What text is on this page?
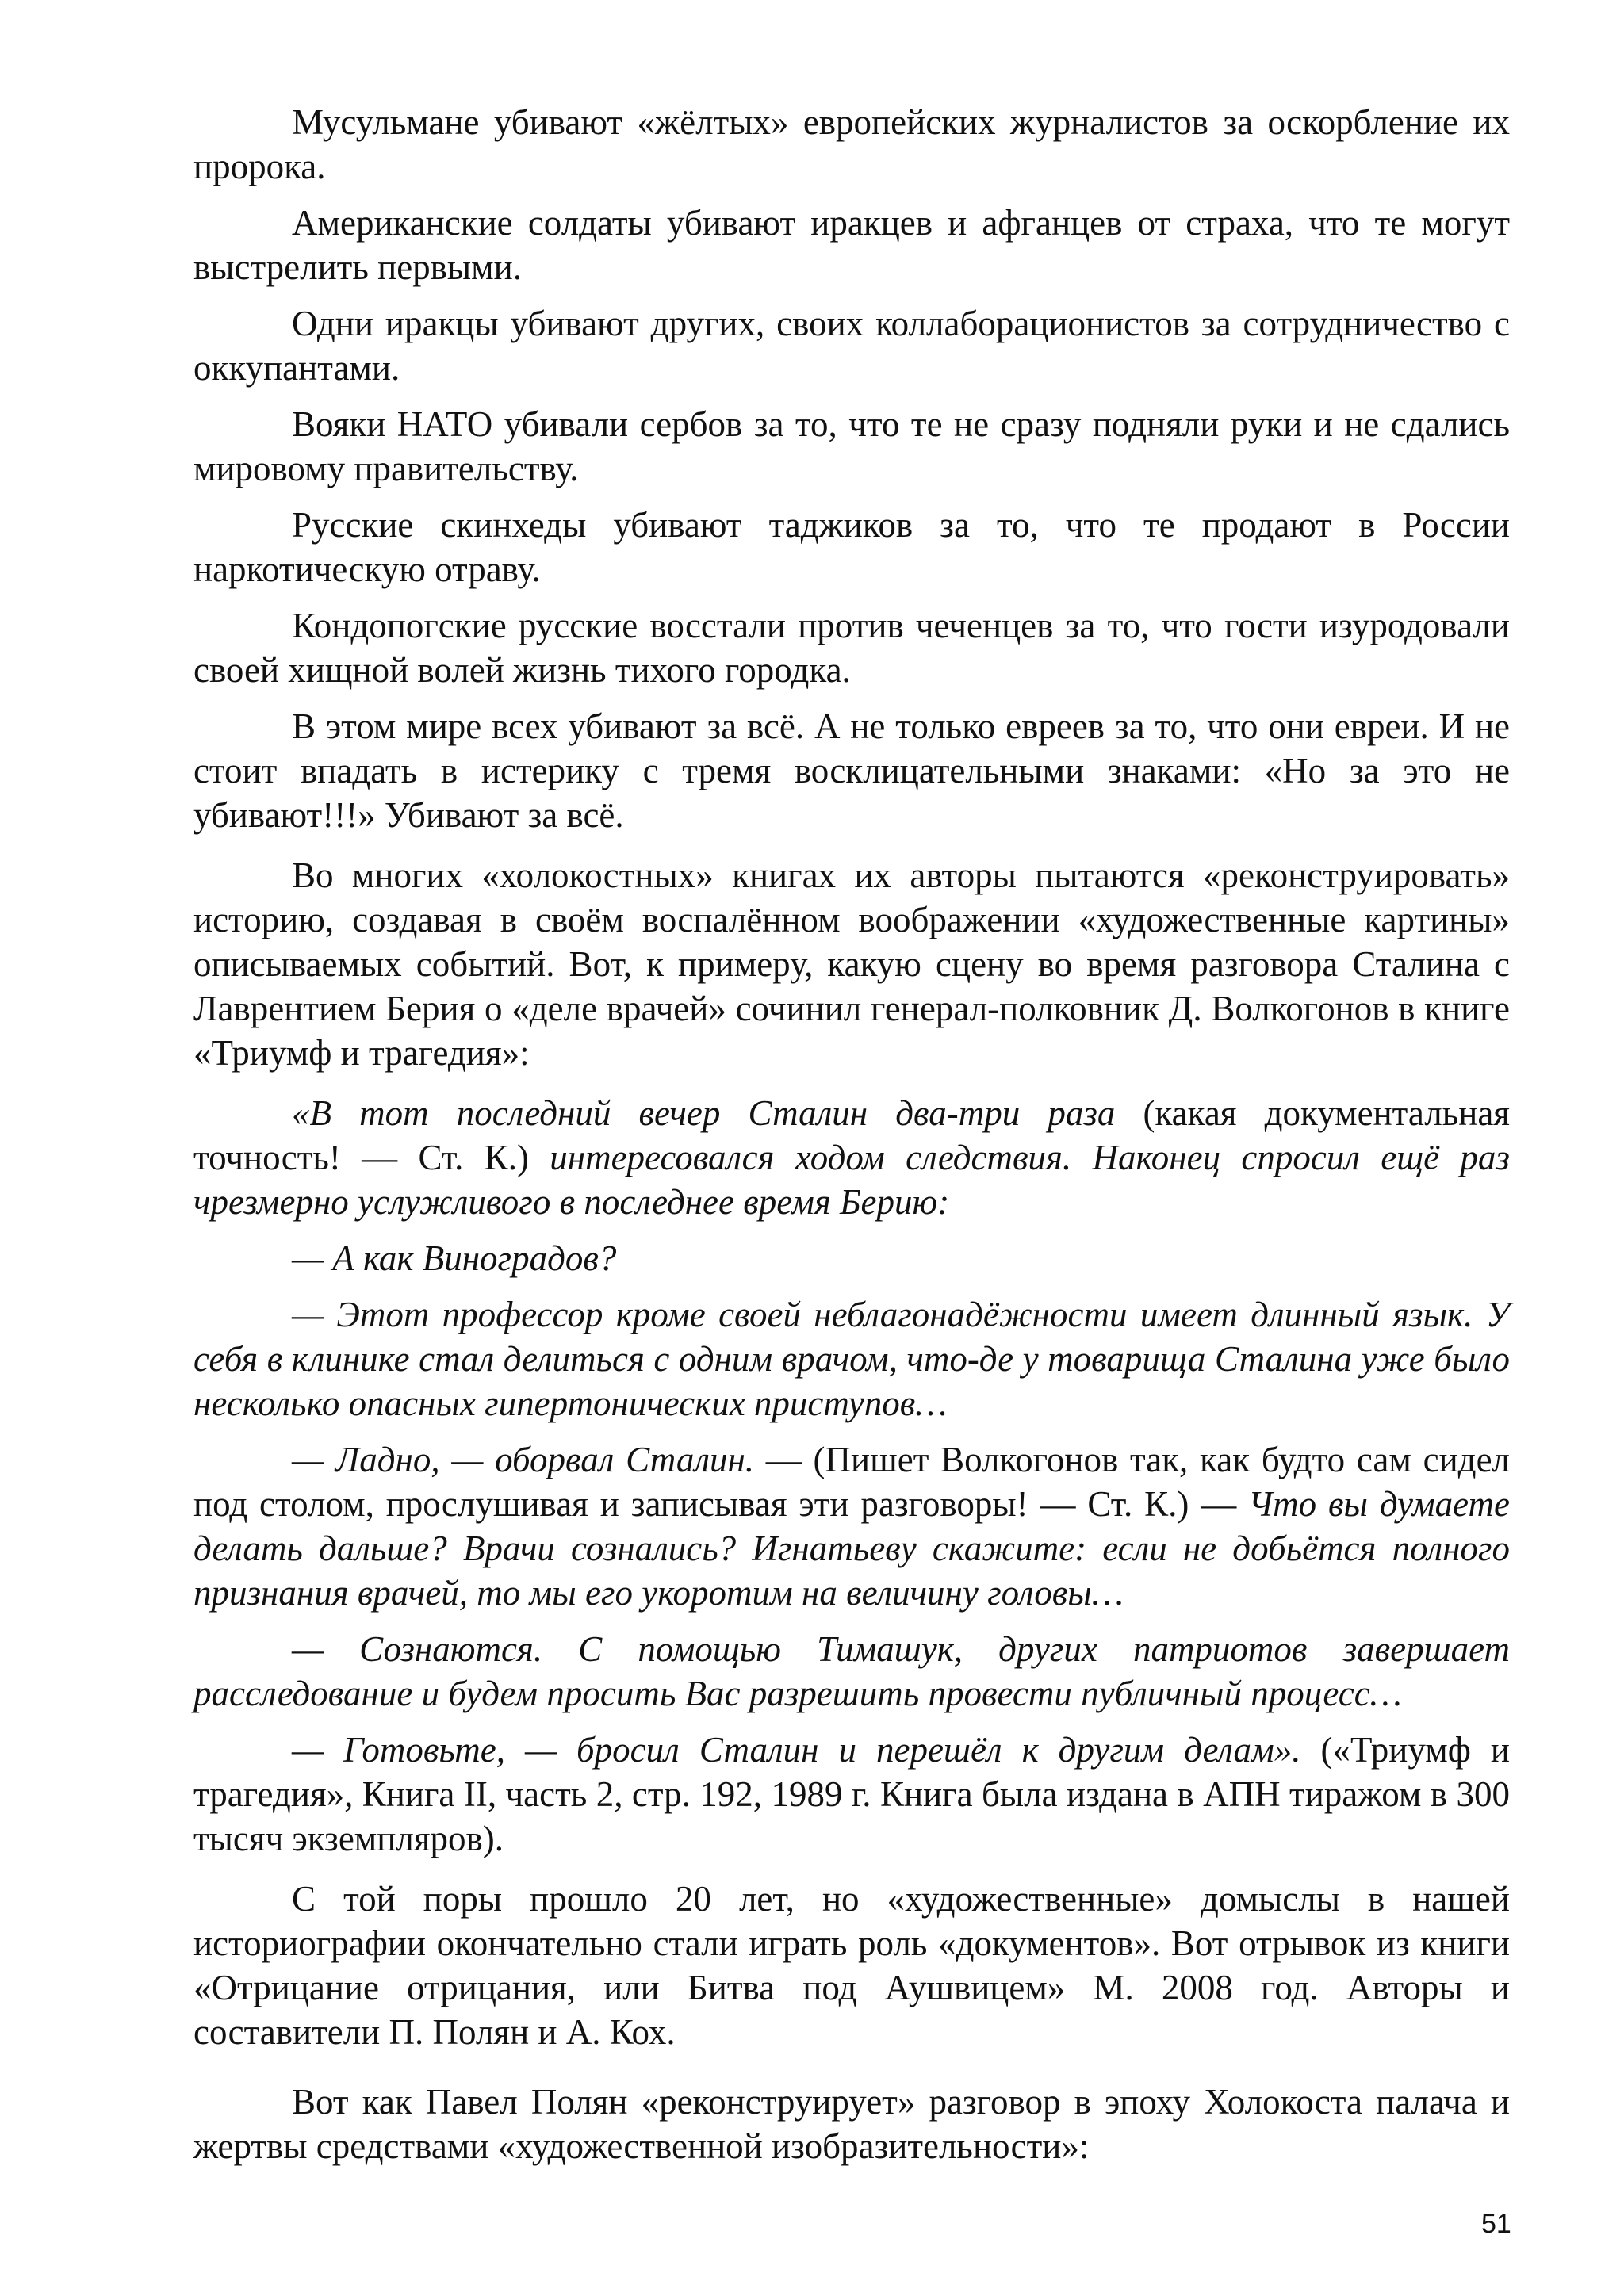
Мусульмане убивают «жёлтых» европейских журналистов за оскорбление их пророка.

Американские солдаты убивают иракцев и афганцев от страха, что те могут выстрелить первыми.

Одни иракцы убивают других, своих коллаборационистов за сотрудничество с оккупантами.

Вояки НАТО убивали сербов за то, что те не сразу подняли руки и не сдались мировому правительству.

Русские скинхеды убивают таджиков за то, что те продают в России наркотическую отраву.

Кондопогские русские восстали против чеченцев за то, что гости изуродовали своей хищной волей жизнь тихого городка.

В этом мире всех убивают за всё. А не только евреев за то, что они евреи. И не стоит впадать в истерику с тремя восклицательными знаками: «Но за это не убивают!!!» Убивают за всё.

Во многих «холокостных» книгах их авторы пытаются «реконструировать» историю, создавая в своём воспалённом воображении «художественные картины» описываемых событий. Вот, к примеру, какую сцену во время разговора Сталина с Лаврентием Берия о «деле врачей» сочинил генерал-полковник Д. Волкогонов в книге «Триумф и трагедия»:

«В тот последний вечер Сталин два-три раза (какая документальная точность! — Ст. К.) интересовался ходом следствия. Наконец спросил ещё раз чрезмерно услужливого в последнее время Берию:

— А как Виноградов?

— Этот профессор кроме своей неблагонадёжности имеет длинный язык. У себя в клинике стал делиться с одним врачом, что-де у товарища Сталина уже было несколько опасных гипертонических приступов…

— Ладно, — оборвал Сталин. — (Пишет Волкогонов так, как будто сам сидел под столом, прослушивая и записывая эти разговоры! — Ст. К.) — Что вы думаете делать дальше? Врачи сознались? Игнатьеву скажите: если не добьётся полного признания врачей, то мы его укоротим на величину головы…

— Сознаются. С помощью Тимашук, других патриотов завершает расследование и будем просить Вас разрешить провести публичный процесс…

— Готовьте, — бросил Сталин и перешёл к другим делам». («Триумф и трагедия», Книга II, часть 2, стр. 192, 1989 г. Книга была издана в АПН тиражом в 300 тысяч экземпляров).

С той поры прошло 20 лет, но «художественные» домыслы в нашей историографии окончательно стали играть роль «документов». Вот отрывок из книги «Отрицание отрицания, или Битва под Аушвицем» М. 2008 год. Авторы и составители П. Полян и А. Кох.

Вот как Павел Полян «реконструирует» разговор в эпоху Холокоста палача и жертвы средствами «художественной изобразительности»:

51
